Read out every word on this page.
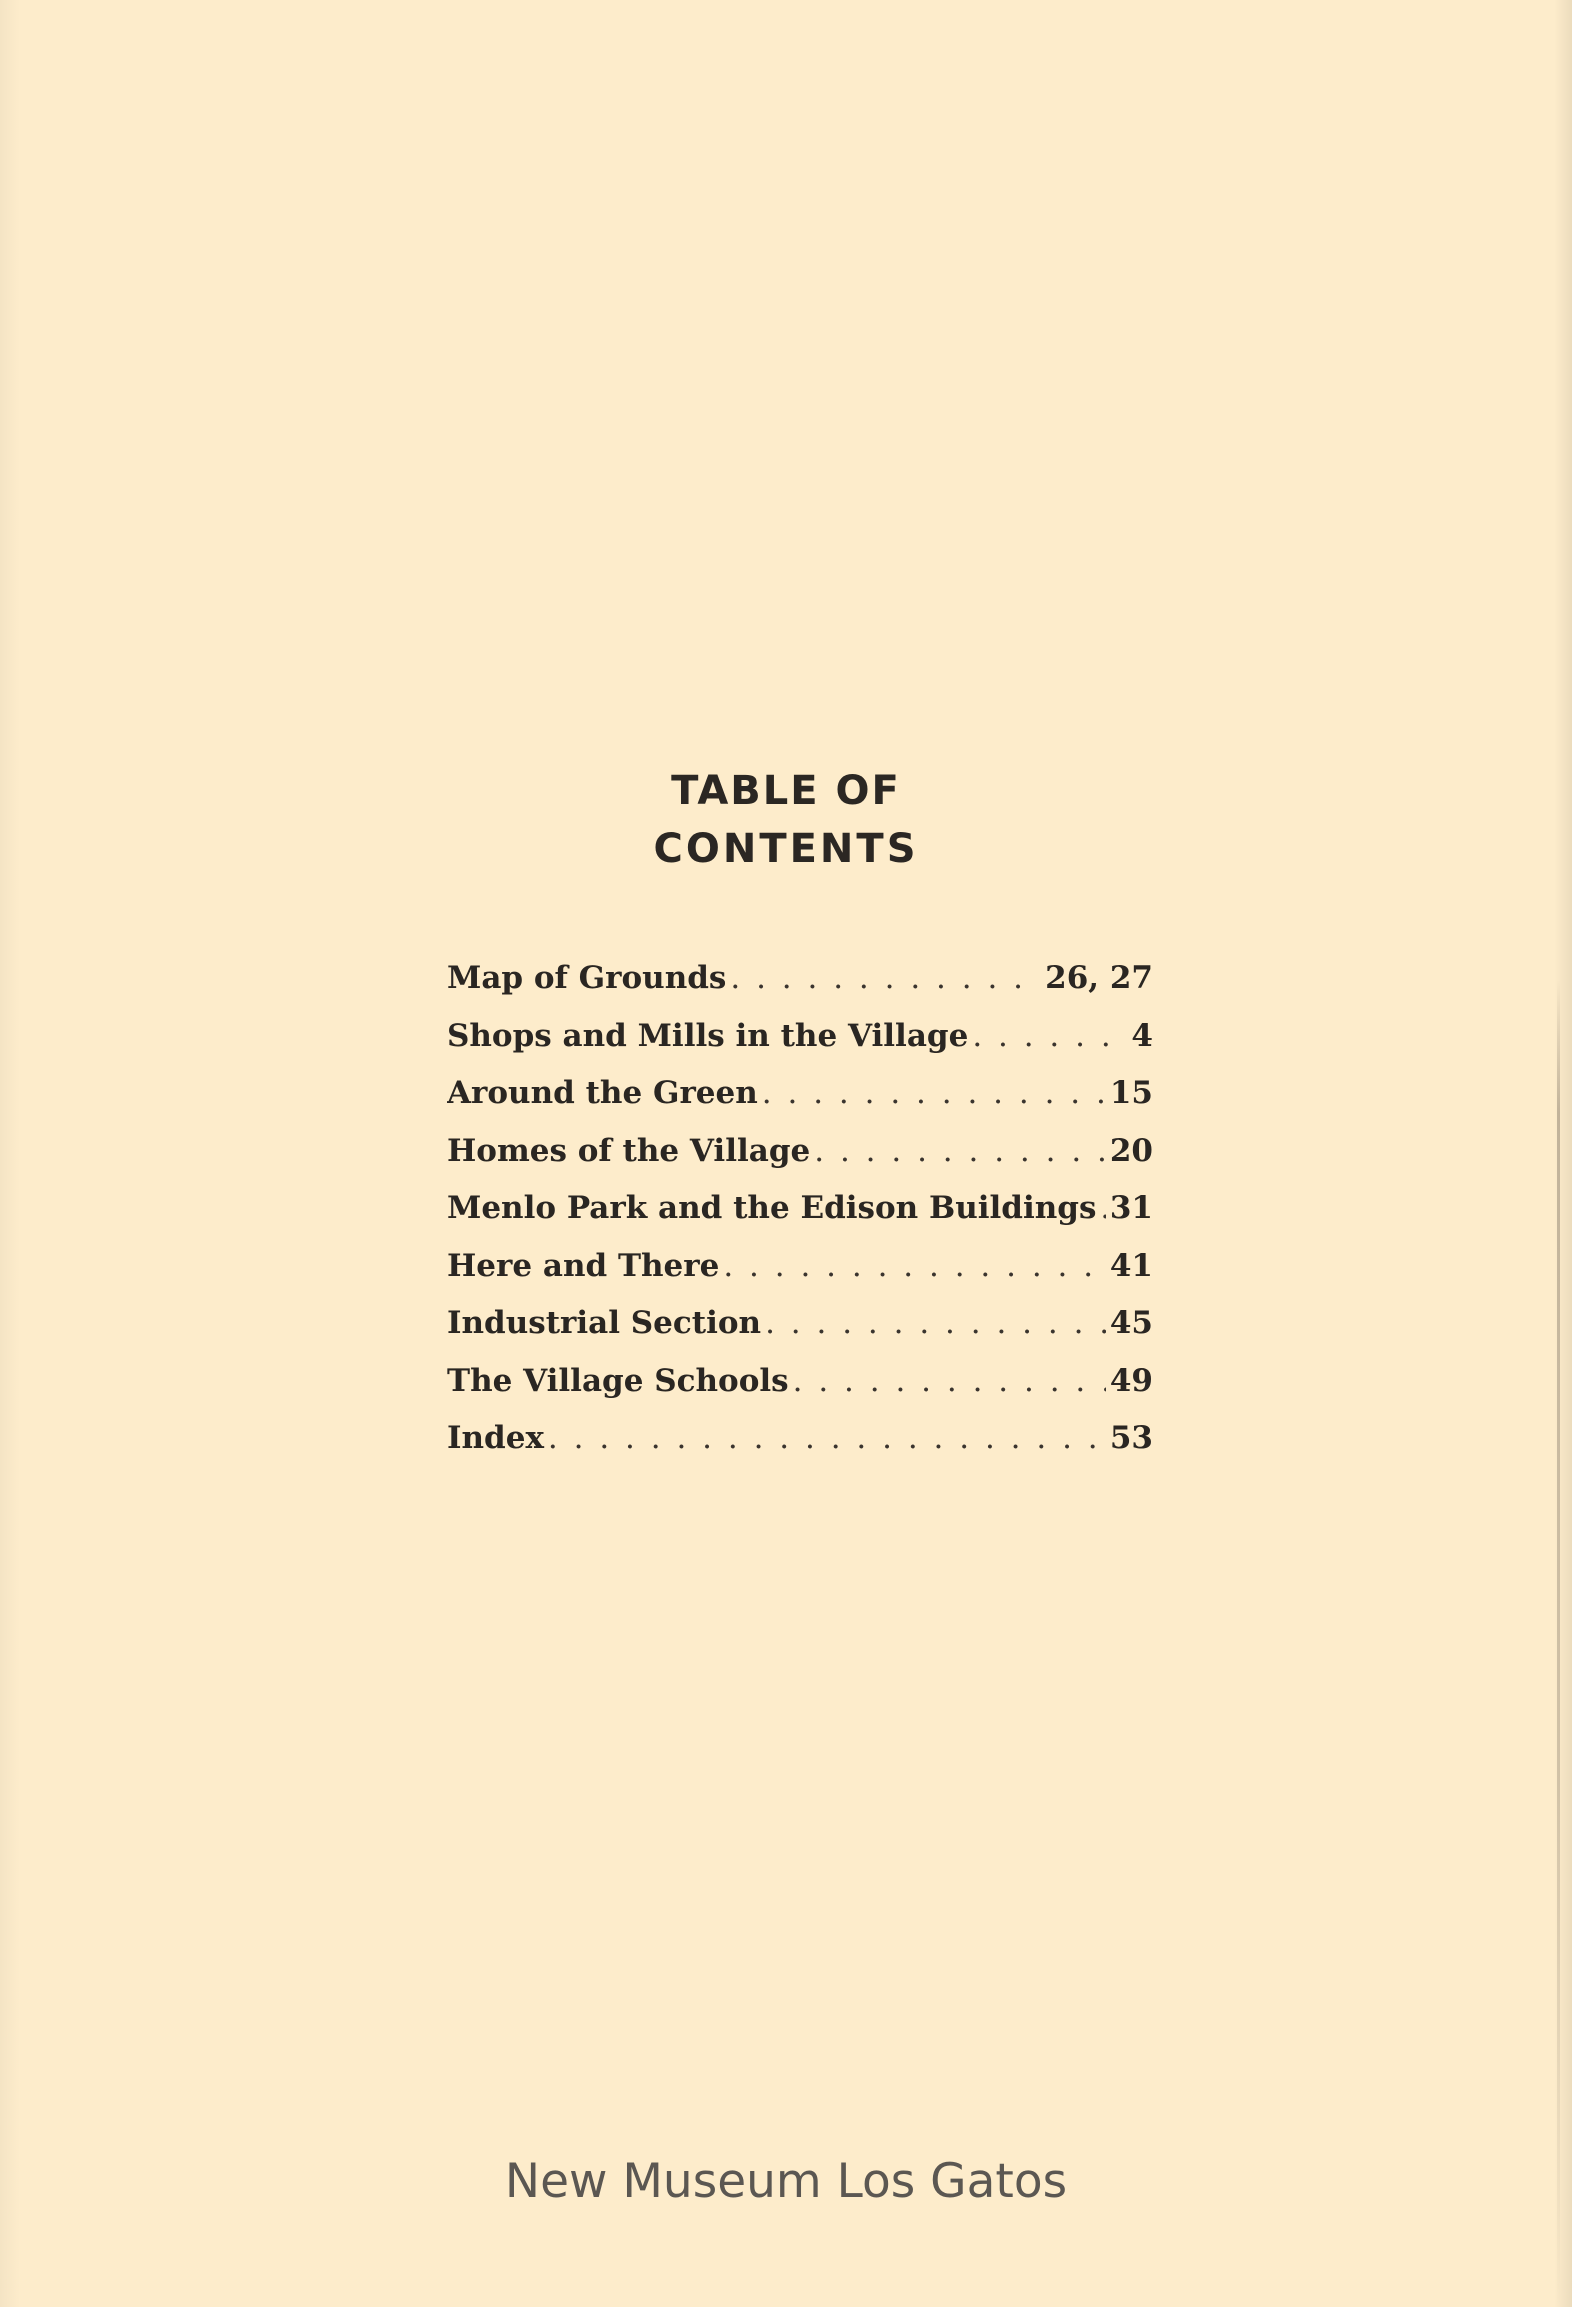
TABLE OF
CONTENTS
Map of Grounds . . .	26, 27
Shops and Mills in the Village . . .	4
Around the Green . . .	15
Homes of the Village . . .	20
Menlo Park and the Edison Buildings . . . 31
Here and There . . .	41
Industrial Section . . .	45
The Village Schools . . .	49
Index . . .	53
New Museum Los Gatos
